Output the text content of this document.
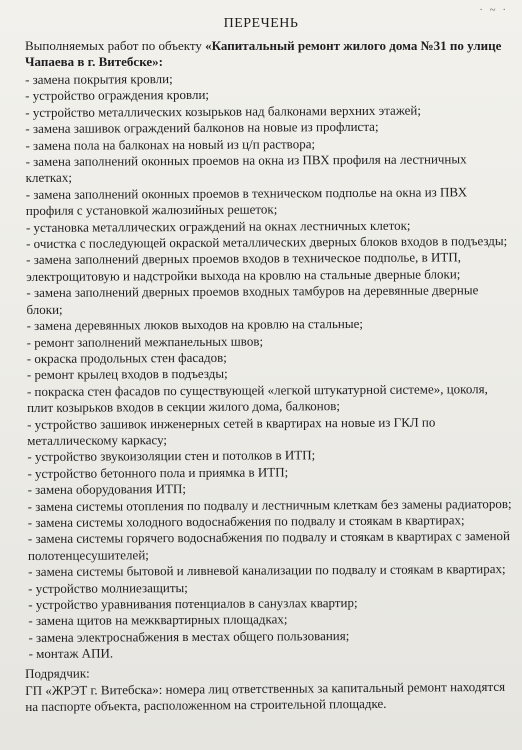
· ~ ·
ПЕРЕЧЕНЬ
Выполняемых работ по объекту «Капитальный ремонт жилого дома №31 по улице Чапаева в г. Витебске»:
- замена покрытия кровли;
- устройство ограждения кровли;
- устройство металлических козырьков над балконами верхних этажей;
- замена зашивок ограждений балконов на новые из профлиста;
- замена пола на балконах на новый из ц/п раствора;
- замена заполнений оконных проемов на окна из ПВХ профиля на лестничных клетках;
- замена заполнений оконных проемов в техническом подполье на окна из ПВХ профиля с установкой жалюзийных решеток;
- установка металлических ограждений на окнах лестничных клеток;
- очистка с последующей окраской металлических дверных блоков входов в подъезды;
- замена заполнений дверных проемов входов в техническое подполье, в ИТП, электрощитовую и надстройки выхода на кровлю на стальные дверные блоки;
- замена заполнений дверных проемов входных тамбуров на деревянные дверные блоки;
- замена деревянных люков выходов на кровлю на стальные;
- ремонт заполнений межпанельных швов;
- окраска продольных стен фасадов;
- ремонт крылец входов в подъезды;
- покраска стен фасадов по существующей «легкой штукатурной системе», цоколя, плит козырьков входов в секции жилого дома, балконов;
- устройство зашивок инженерных сетей в квартирах на новые из ГКЛ по металлическому каркасу;
- устройство звукоизоляции стен и потолков в ИТП;
- устройство бетонного пола и приямка в ИТП;
- замена оборудования ИТП;
- замена системы отопления по подвалу и лестничным клеткам без замены радиаторов;
- замена системы холодного водоснабжения по подвалу и стоякам в квартирах;
- замена системы горячего водоснабжения по подвалу и стоякам в квартирах с заменой полотенцесушителей;
- замена системы бытовой и ливневой канализации по подвалу и стоякам в квартирах;
- устройство молниезащиты;
- устройство уравнивания потенциалов в санузлах квартир;
- замена щитов на межквартирных площадках;
- замена электроснабжения в местах общего пользования;
- монтаж АПИ.
Подрядчик:
ГП «ЖРЭТ г. Витебска»: номера лиц ответственных за капитальный ремонт находятся на паспорте объекта, расположенном на строительной площадке.
